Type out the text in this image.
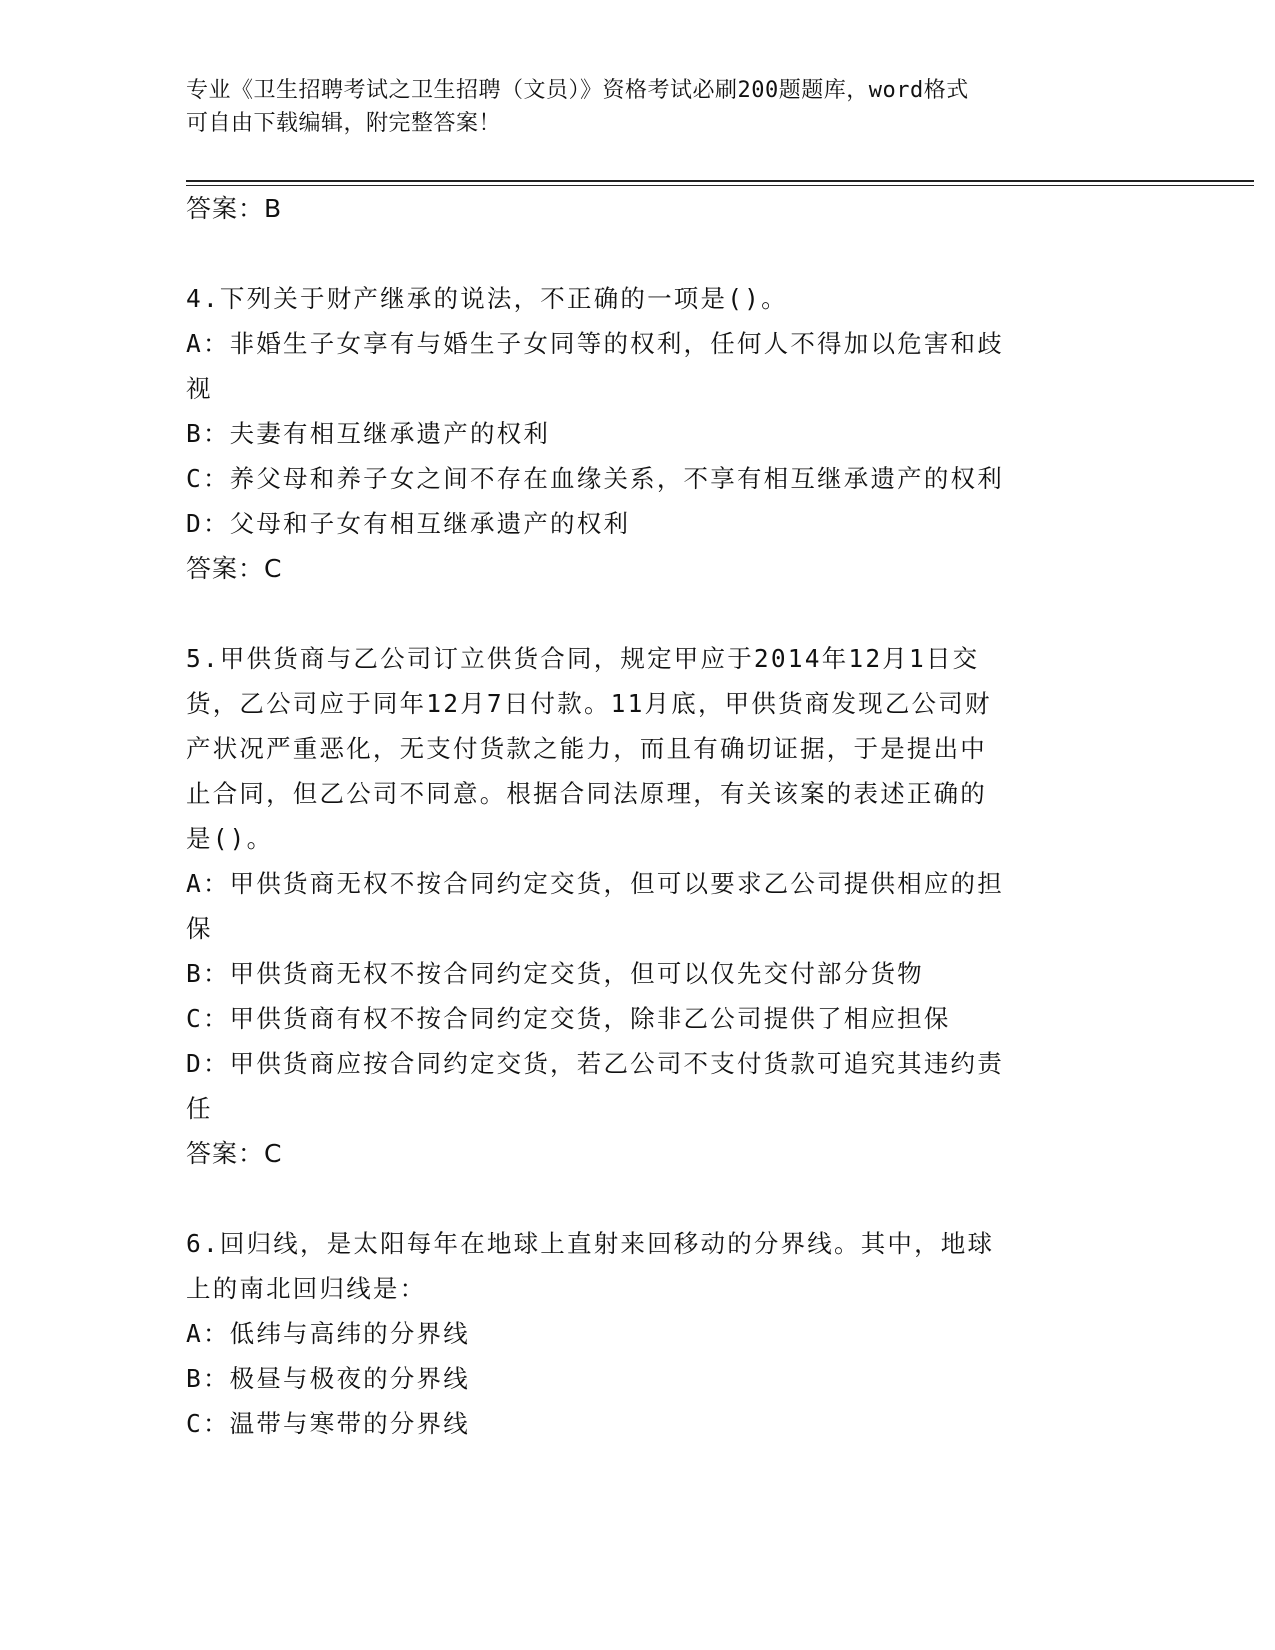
专业《卫生招聘考试之卫生招聘（文员）》资格考试必刷200题题库，word格式
可自由下载编辑，附完整答案！
答案：B
4.下列关于财产继承的说法，不正确的一项是()。
A：非婚生子女享有与婚生子女同等的权利，任何人不得加以危害和歧
视
B：夫妻有相互继承遗产的权利
C：养父母和养子女之间不存在血缘关系，不享有相互继承遗产的权利
D：父母和子女有相互继承遗产的权利
答案：C
5.甲供货商与乙公司订立供货合同，规定甲应于2014年12月1日交
货，乙公司应于同年12月7日付款。11月底，甲供货商发现乙公司财
产状况严重恶化，无支付货款之能力，而且有确切证据，于是提出中
止合同，但乙公司不同意。根据合同法原理，有关该案的表述正确的
是()。
A：甲供货商无权不按合同约定交货，但可以要求乙公司提供相应的担
保
B：甲供货商无权不按合同约定交货，但可以仅先交付部分货物
C：甲供货商有权不按合同约定交货，除非乙公司提供了相应担保
D：甲供货商应按合同约定交货，若乙公司不支付货款可追究其违约责
任
答案：C
6.回归线，是太阳每年在地球上直射来回移动的分界线。其中，地球
上的南北回归线是：
A：低纬与高纬的分界线
B：极昼与极夜的分界线
C：温带与寒带的分界线
